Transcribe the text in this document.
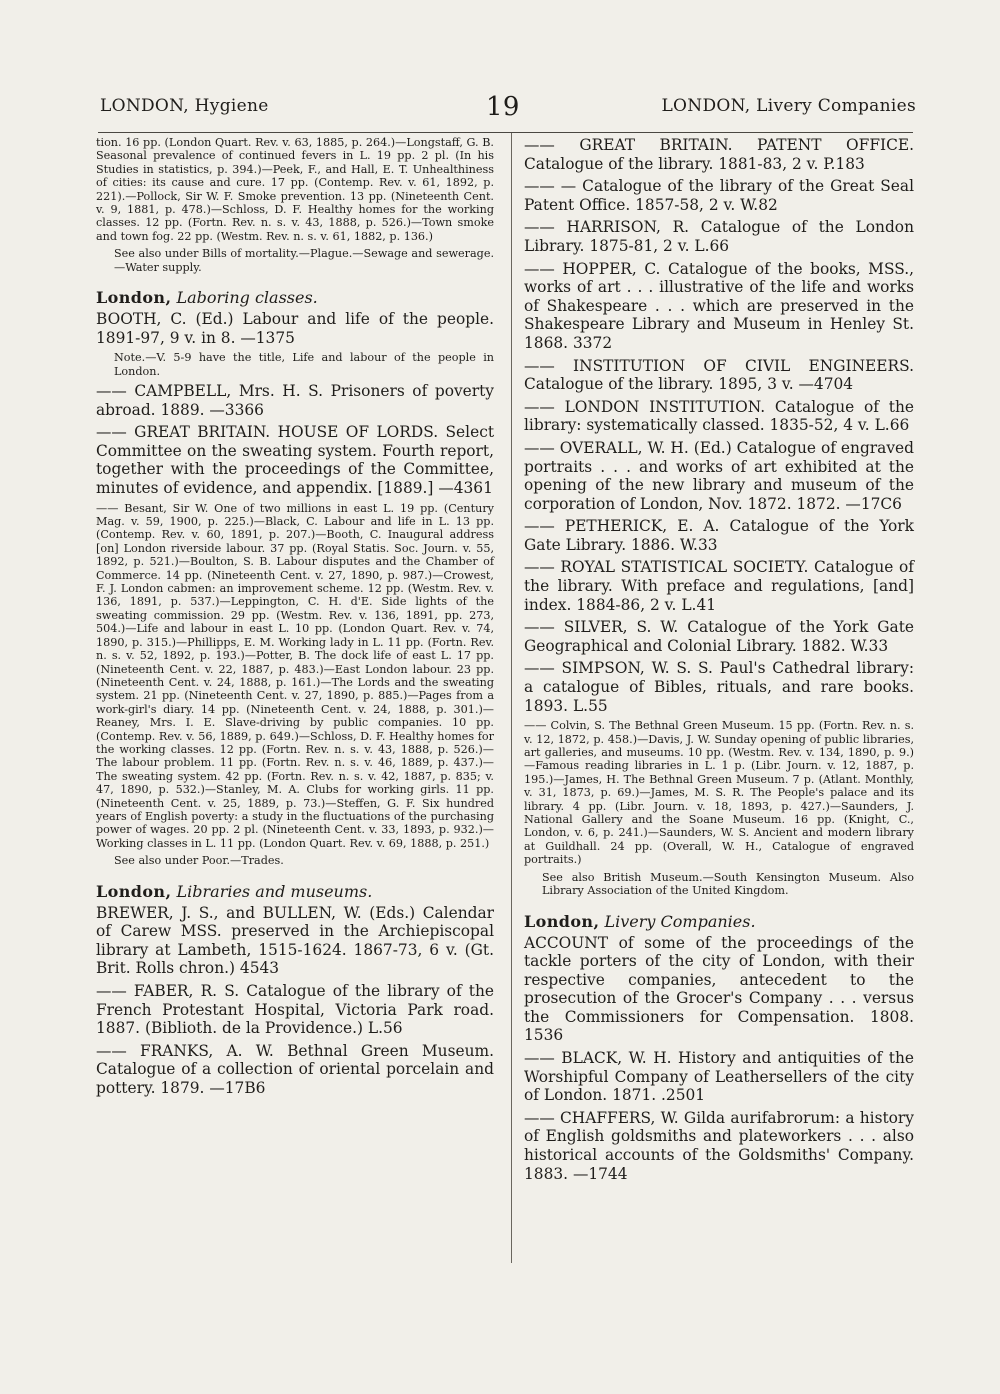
LONDON, Hygiene	19	LONDON, Livery Companies

tion. 16 pp. (London Quart. Rev. v. 63, 1885, p. 264.)—Longstaff, G. B. Seasonal prevalence of continued fevers in L. 19 pp. 2 pl. (In his Studies in statistics, p. 394.)—Peek, F., and Hall, E. T. Unhealthiness of cities: its cause and cure. 17 pp. (Contemp. Rev. v. 61, 1892, p. 221).—Pollock, Sir W. F. Smoke prevention. 13 pp. (Nineteenth Cent. v. 9, 1881, p. 478.)—Schloss, D. F. Healthy homes for the working classes. 12 pp. (Fortn. Rev. n. s. v. 43, 1888, p. 526.)—Town smoke and town fog. 22 pp. (Westm. Rev. n. s. v. 61, 1882, p. 136.)

See also under Bills of mortality.—Plague.—Sewage and sewerage.—Water supply.

London, Laboring classes.

BOOTH, C. (Ed.) Labour and life of the people. 1891-97, 9 v. in 8. —1375

Note.—V. 5-9 have the title, Life and labour of the people in London.

—— CAMPBELL, Mrs. H. S. Prisoners of poverty abroad. 1889. —3366

—— GREAT BRITAIN. HOUSE OF LORDS. Select Committee on the sweating system. Fourth report, together with the proceedings of the Committee, minutes of evidence, and appendix. [1889.] —4361

—— Besant, Sir W. One of two millions in east L. 19 pp. (Century Mag. v. 59, 1900, p. 225.)—Black, C. Labour and life in L. 13 pp. (Contemp. Rev. v. 60, 1891, p. 207.)—Booth, C. Inaugural address [on] London riverside labour. 37 pp. (Royal Statis. Soc. Journ. v. 55, 1892, p. 521.)—Boulton, S. B. Labour disputes and the Chamber of Commerce. 14 pp. (Nineteenth Cent. v. 27, 1890, p. 987.)—Crowest, F. J. London cabmen: an improvement scheme. 12 pp. (Westm. Rev. v. 136, 1891, p. 537.)—Leppington, C. H. d'E. Side lights of the sweating commission. 29 pp. (Westm. Rev. v. 136, 1891, pp. 273, 504.)—Life and labour in east L. 10 pp. (London Quart. Rev. v. 74, 1890, p. 315.)—Phillipps, E. M. Working lady in L. 11 pp. (Fortn. Rev. n. s. v. 52, 1892, p. 193.)—Potter, B. The dock life of east L. 17 pp. (Nineteenth Cent. v. 22, 1887, p. 483.)—East London labour. 23 pp. (Nineteenth Cent. v. 24, 1888, p. 161.)—The Lords and the sweating system. 21 pp. (Nineteenth Cent. v. 27, 1890, p. 885.)—Pages from a work-girl's diary. 14 pp. (Nineteenth Cent. v. 24, 1888, p. 301.)—Reaney, Mrs. I. E. Slave-driving by public companies. 10 pp. (Contemp. Rev. v. 56, 1889, p. 649.)—Schloss, D. F. Healthy homes for the working classes. 12 pp. (Fortn. Rev. n. s. v. 43, 1888, p. 526.)—The labour problem. 11 pp. (Fortn. Rev. n. s. v. 46, 1889, p. 437.)—The sweating system. 42 pp. (Fortn. Rev. n. s. v. 42, 1887, p. 835; v. 47, 1890, p. 532.)—Stanley, M. A. Clubs for working girls. 11 pp. (Nineteenth Cent. v. 25, 1889, p. 73.)—Steffen, G. F. Six hundred years of English poverty: a study in the fluctuations of the purchasing power of wages. 20 pp. 2 pl. (Nineteenth Cent. v. 33, 1893, p. 932.)—Working classes in L. 11 pp. (London Quart. Rev. v. 69, 1888, p. 251.)

See also under Poor.—Trades.

London, Libraries and museums.

BREWER, J. S., and BULLEN, W. (Eds.) Calendar of Carew MSS. preserved in the Archiepiscopal library at Lambeth, 1515-1624. 1867-73, 6 v. (Gt. Brit. Rolls chron.) 4543

—— FABER, R. S. Catalogue of the library of the French Protestant Hospital, Victoria Park road. 1887. (Biblioth. de la Providence.) L.56

—— FRANKS, A. W. Bethnal Green Museum. Catalogue of a collection of oriental porcelain and pottery. 1879. —17B6

—— GREAT BRITAIN. PATENT OFFICE. Catalogue of the library. 1881-83, 2 v. P.183

—— — Catalogue of the library of the Great Seal Patent Office. 1857-58, 2 v. W.82

—— HARRISON, R. Catalogue of the London Library. 1875-81, 2 v. L.66

—— HOPPER, C. Catalogue of the books, MSS., works of art . . . illustrative of the life and works of Shakespeare . . . which are preserved in the Shakespeare Library and Museum in Henley St. 1868. 3372

—— INSTITUTION OF CIVIL ENGINEERS. Catalogue of the library. 1895, 3 v. —4704

—— LONDON INSTITUTION. Catalogue of the library: systematically classed. 1835-52, 4 v. L.66

—— OVERALL, W. H. (Ed.) Catalogue of engraved portraits . . . and works of art exhibited at the opening of the new library and museum of the corporation of London, Nov. 1872. 1872. —17C6

—— PETHERICK, E. A. Catalogue of the York Gate Library. 1886. W.33

—— ROYAL STATISTICAL SOCIETY. Catalogue of the library. With preface and regulations, [and] index. 1884-86, 2 v. L.41

—— SILVER, S. W. Catalogue of the York Gate Geographical and Colonial Library. 1882. W.33

—— SIMPSON, W. S. S. Paul's Cathedral library: a catalogue of Bibles, rituals, and rare books. 1893. L.55

—— Colvin, S. The Bethnal Green Museum. 15 pp. (Fortn. Rev. n. s. v. 12, 1872, p. 458.)—Davis, J. W. Sunday opening of public libraries, art galleries, and museums. 10 pp. (Westm. Rev. v. 134, 1890, p. 9.)—Famous reading libraries in L. 1 p. (Libr. Journ. v. 12, 1887, p. 195.)—James, H. The Bethnal Green Museum. 7 p. (Atlant. Monthly, v. 31, 1873, p. 69.)—James, M. S. R. The People's palace and its library. 4 pp. (Libr. Journ. v. 18, 1893, p. 427.)—Saunders, J. National Gallery and the Soane Museum. 16 pp. (Knight, C., London, v. 6, p. 241.)—Saunders, W. S. Ancient and modern library at Guildhall. 24 pp. (Overall, W. H., Catalogue of engraved portraits.)

See also British Museum.—South Kensington Museum. Also Library Association of the United Kingdom.

London, Livery Companies.

ACCOUNT of some of the proceedings of the tackle porters of the city of London, with their respective companies, antecedent to the prosecution of the Grocer's Company . . . versus the Commissioners for Compensation. 1808. 1536

—— BLACK, W. H. History and antiquities of the Worshipful Company of Leathersellers of the city of London. 1871. .2501

—— CHAFFERS, W. Gilda aurifabrorum: a history of English goldsmiths and plateworkers . . . also historical accounts of the Goldsmiths' Company. 1883. —1744
